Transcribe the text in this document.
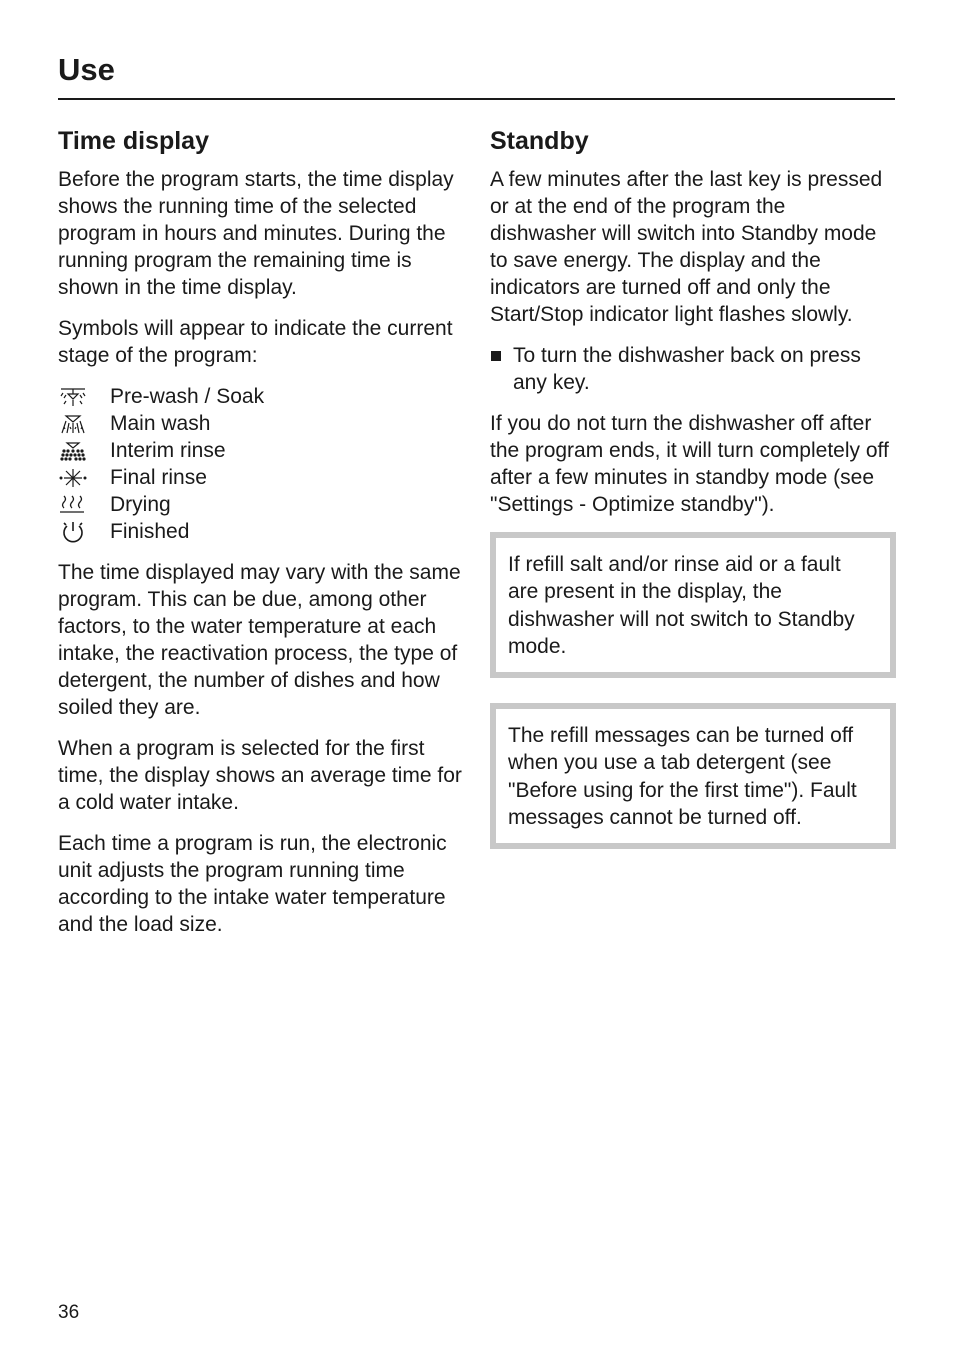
Use
Time display

Before the program starts, the time display shows the running time of the selected program in hours and minutes. During the running program the remaining time is shown in the time display.

Symbols will appear to indicate the current stage of the program:

Pre-wash / Soak
Main wash
Interim rinse
Final rinse
Drying
Finished

The time displayed may vary with the same program. This can be due, among other factors, to the water temperature at each intake, the reactivation process, the type of detergent, the number of dishes and how soiled they are.

When a program is selected for the first time, the display shows an average time for a cold water intake.

Each time a program is run, the electronic unit adjusts the program running time according to the intake water temperature and the load size.

Standby

A few minutes after the last key is pressed or at the end of the program the dishwasher will switch into Standby mode to save energy. The display and the indicators are turned off and only the Start/Stop indicator light flashes slowly.

To turn the dishwasher back on press any key.

If you do not turn the dishwasher off after the program ends, it will turn completely off after a few minutes in standby mode (see "Settings - Optimize standby").

If refill salt and/or rinse aid or a fault are present in the display, the dishwasher will not switch to Standby mode.
The refill messages can be turned off when you use a tab detergent (see "Before using for the first time"). Fault messages cannot be turned off.
36
